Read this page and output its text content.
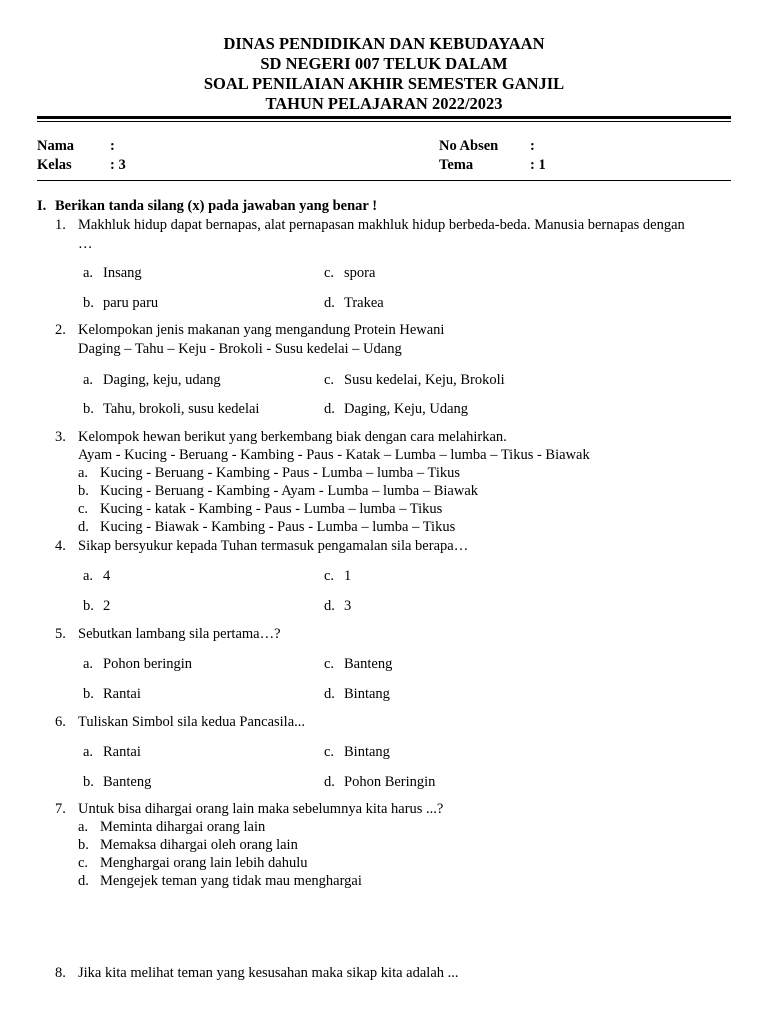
DINAS PENDIDIKAN DAN KEBUDAYAAN
SD NEGERI 007 TELUK DALAM
SOAL PENILAIAN AKHIR SEMESTER GANJIL
TAHUN PELAJARAN 2022/2023
Nama :
Kelas	: 3
No Absen :
Tema	: 1
I. Berikan tanda silang (x) pada jawaban yang benar !
1. Makhluk hidup dapat bernapas, alat pernapasan makhluk hidup berbeda-beda. Manusia bernapas dengan
…
a. Insang
b. paru paru
c. spora
d. Trakea
2. Kelompokan jenis makanan yang mengandung Protein Hewani
Daging – Tahu – Keju - Brokoli - Susu kedelai – Udang
a. Daging, keju, udang
b. Tahu, brokoli, susu kedelai
c. Susu kedelai, Keju, Brokoli
d. Daging, Keju, Udang
3. Kelompok hewan berikut yang berkembang biak dengan cara melahirkan.
Ayam - Kucing - Beruang - Kambing - Paus - Katak – Lumba – lumba – Tikus - Biawak
a. Kucing - Beruang - Kambing - Paus - Lumba – lumba – Tikus
b. Kucing - Beruang - Kambing - Ayam - Lumba – lumba – Biawak
c. Kucing - katak - Kambing - Paus - Lumba – lumba – Tikus
d. Kucing - Biawak - Kambing - Paus - Lumba – lumba – Tikus
4. Sikap bersyukur kepada Tuhan termasuk pengamalan sila berapa…
a. 4
b. 2
c. 1
d. 3
5. Sebutkan lambang sila pertama…?
a. Pohon beringin
b. Rantai
c. Banteng
d. Bintang
6. Tuliskan Simbol sila kedua Pancasila...
a. Rantai
b. Banteng
c. Bintang
d. Pohon Beringin
7. Untuk bisa dihargai orang lain maka sebelumnya kita harus ...?
a. Meminta dihargai orang lain
b. Memaksa dihargai oleh orang lain
c. Menghargai orang lain lebih dahulu
d. Mengejek teman yang tidak mau menghargai
8. Jika kita melihat teman yang kesusahan maka sikap kita adalah ...
